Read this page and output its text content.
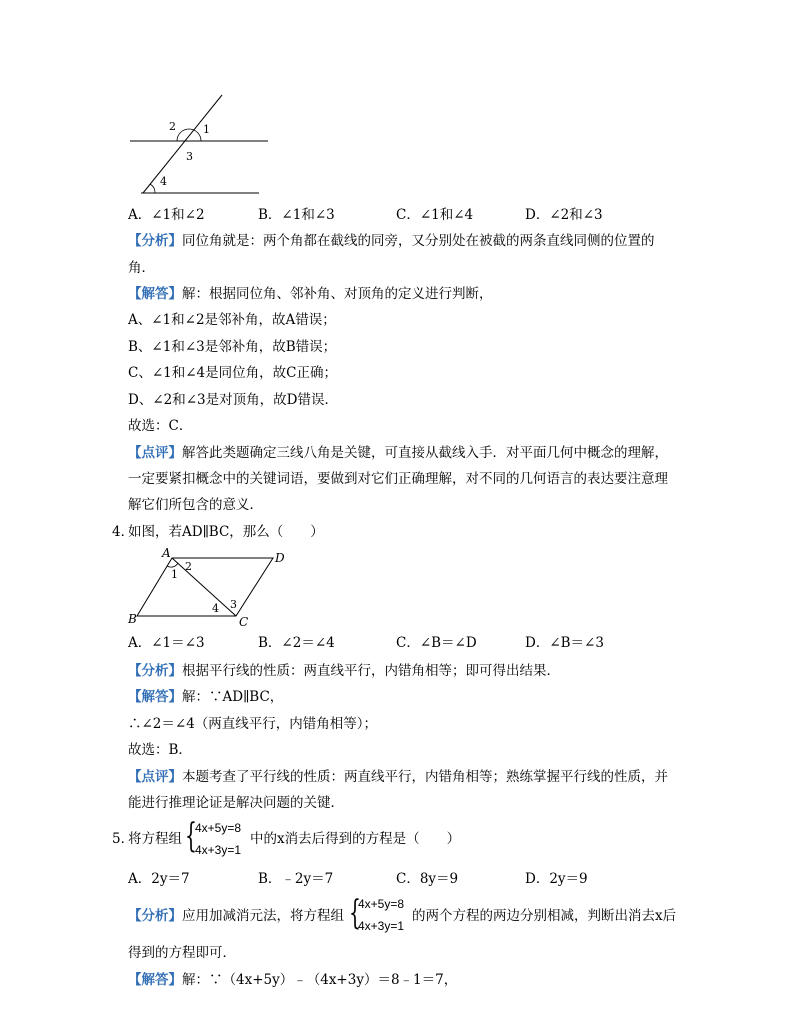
2 1
3
4
A．∠1和∠2	B．∠1和∠3	C．∠1和∠4	D．∠2和∠3
【分析】同位角就是：两个角都在截线的同旁，又分别处在被截的两条直线同侧的位置的
角．
【解答】解：根据同位角、邻补角、对顶角的定义进行判断，
A、∠1和∠2是邻补角，故A错误；
B、∠1和∠3是邻补角，故B错误；
C、∠1和∠4是同位角，故C正确；
D、∠2和∠3是对顶角，故D错误．
故选：C．
【点评】解答此类题确定三线八角是关键，可直接从截线入手．对平面几何中概念的理解，
一定要紧扣概念中的关键词语，要做到对它们正确理解，对不同的几何语言的表达要注意理
解它们所包含的意义．
4．
如图，若AD∥BC，那么（　　）
A	D
B	C
1
2
3
4
A．∠1＝∠3	B．∠2＝∠4	C．∠B＝∠D	D．∠B＝∠3
【分析】根据平行线的性质：两直线平行，内错角相等；即可得出结果．
【解答】解：∵AD∥BC，
∴∠2＝∠4（两直线平行，内错角相等）；
故选：B．
【点评】本题考查了平行线的性质：两直线平行，内错角相等；熟练掌握平行线的性质，并
能进行推理论证是解决问题的关键．
5．
将方程组 {
4x+5y=8
4x+3y=1
中的x消去后得到的方程是（　　）
A．2y＝7	B．﹣2y＝7	C．8y＝9	D．2y＝9
【分析】应用加减消元法，将方程组 {
4x+5y=8
4x+3y=1
的两个方程的两边分别相减，判断出消去x后
得到的方程即可．
【解答】解：∵（4x+5y）﹣（4x+3y）＝8﹣1＝7，
